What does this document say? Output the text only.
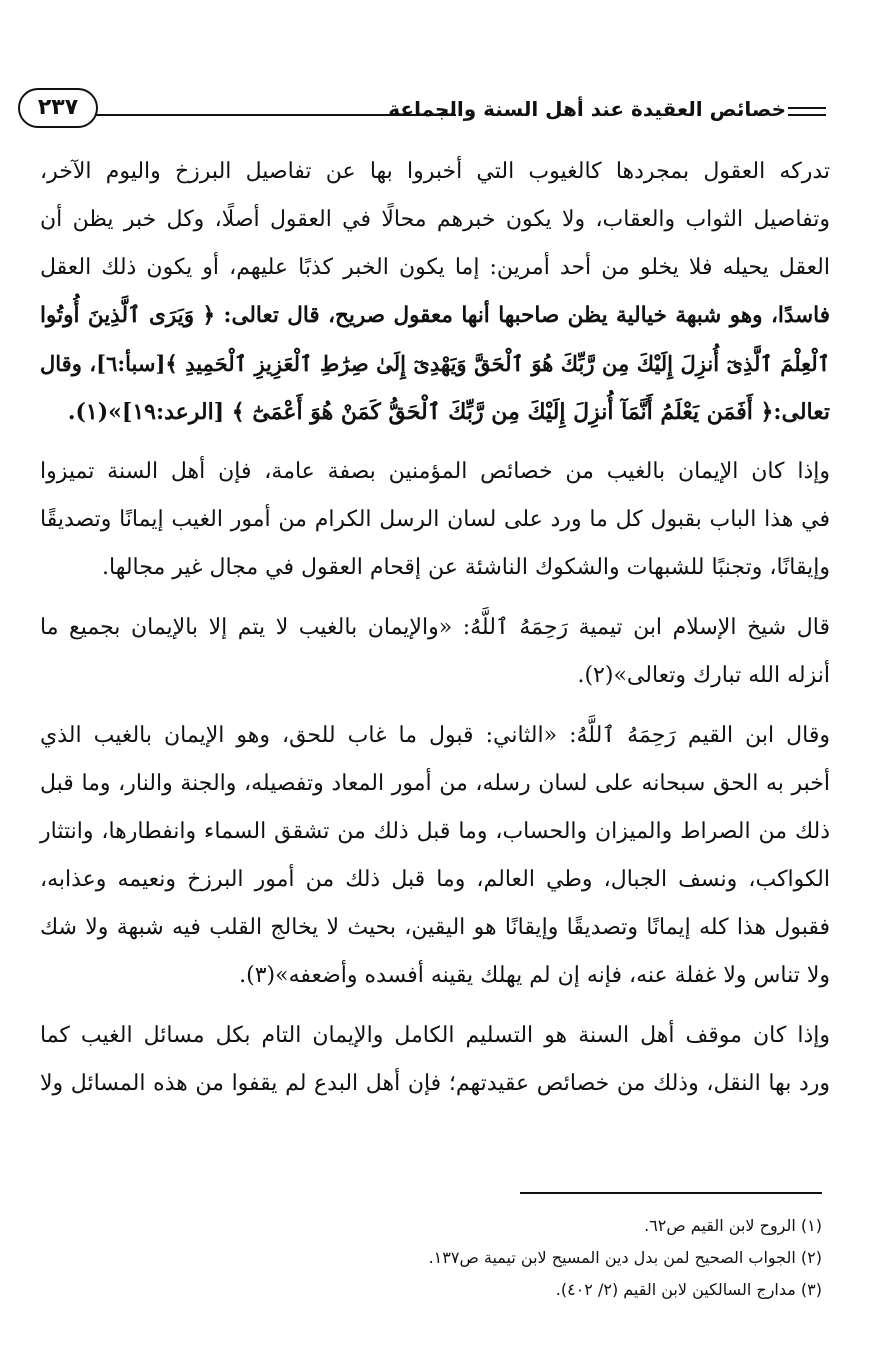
٢٣٧	خصائص العقيدة عند أهل السنة والجماعة
تدركه العقول بمجردها كالغيوب التي أخبروا بها عن تفاصيل البرزخ واليوم الآخر،
وتفاصيل الثواب والعقاب، ولا يكون خبرهم محالًا في العقول أصلًا، وكل خبر يظن أن
العقل يحيله فلا يخلو من أحد أمرين: إما يكون الخبر كذبًا عليهم، أو يكون ذلك العقل
فاسدًا، وهو شبهة خيالية يظن صاحبها أنها معقول صريح، قال تعالى: ﴿ وَيَرَى ٱلَّذِينَ أُوتُوا
ٱلْعِلْمَ ٱلَّذِىٓ أُنزِلَ إِلَيْكَ مِن رَّبِّكَ هُوَ ٱلْحَقَّ وَيَهْدِىٓ إِلَىٰ صِرَٰطِ ٱلْعَزِيزِ ٱلْحَمِيدِ ﴾[سبأ:٦]، وقال
تعالى:﴿ أَفَمَن يَعْلَمُ أَنَّمَآ أُنزِلَ إِلَيْكَ مِن رَّبِّكَ ٱلْحَقُّ كَمَنْ هُوَ أَعْمَىٰٓ ﴾ [الرعد:١٩]»(١).
وإذا كان الإيمان بالغيب من خصائص المؤمنين بصفة عامة، فإن أهل السنة تميزوا
في هذا الباب بقبول كل ما ورد على لسان الرسل الكرام من أمور الغيب إيمانًا وتصديقًا
وإيقانًا، وتجنبًا للشبهات والشكوك الناشئة عن إقحام العقول في مجال غير مجالها.
قال شيخ الإسلام ابن تيمية رَحِمَهُ ٱللَّهُ: «والإيمان بالغيب لا يتم إلا بالإيمان بجميع ما
أنزله الله تبارك وتعالى»(٢).
وقال ابن القيم رَحِمَهُ ٱللَّهُ: «الثاني: قبول ما غاب للحق، وهو الإيمان بالغيب الذي
أخبر به الحق سبحانه على لسان رسله، من أمور المعاد وتفصيله، والجنة والنار، وما قبل
ذلك من الصراط والميزان والحساب، وما قبل ذلك من تشقق السماء وانفطارها، وانتثار
الكواكب، ونسف الجبال، وطي العالم، وما قبل ذلك من أمور البرزخ ونعيمه وعذابه،
فقبول هذا كله إيمانًا وتصديقًا وإيقانًا هو اليقين، بحيث لا يخالج القلب فيه شبهة ولا شك
ولا تناس ولا غفلة عنه، فإنه إن لم يهلك يقينه أفسده وأضعفه»(٣).
وإذا كان موقف أهل السنة هو التسليم الكامل والإيمان التام بكل مسائل الغيب كما
ورد بها النقل، وذلك من خصائص عقيدتهم؛ فإن أهل البدع لم يقفوا من هذه المسائل ولا
(١) الروح لابن القيم ص٦٢.
(٢) الجواب الصحيح لمن بدل دين المسيح لابن تيمية ص١٣٧.
(٣) مدارج السالكين لابن القيم (٢/ ٤٠٢).
